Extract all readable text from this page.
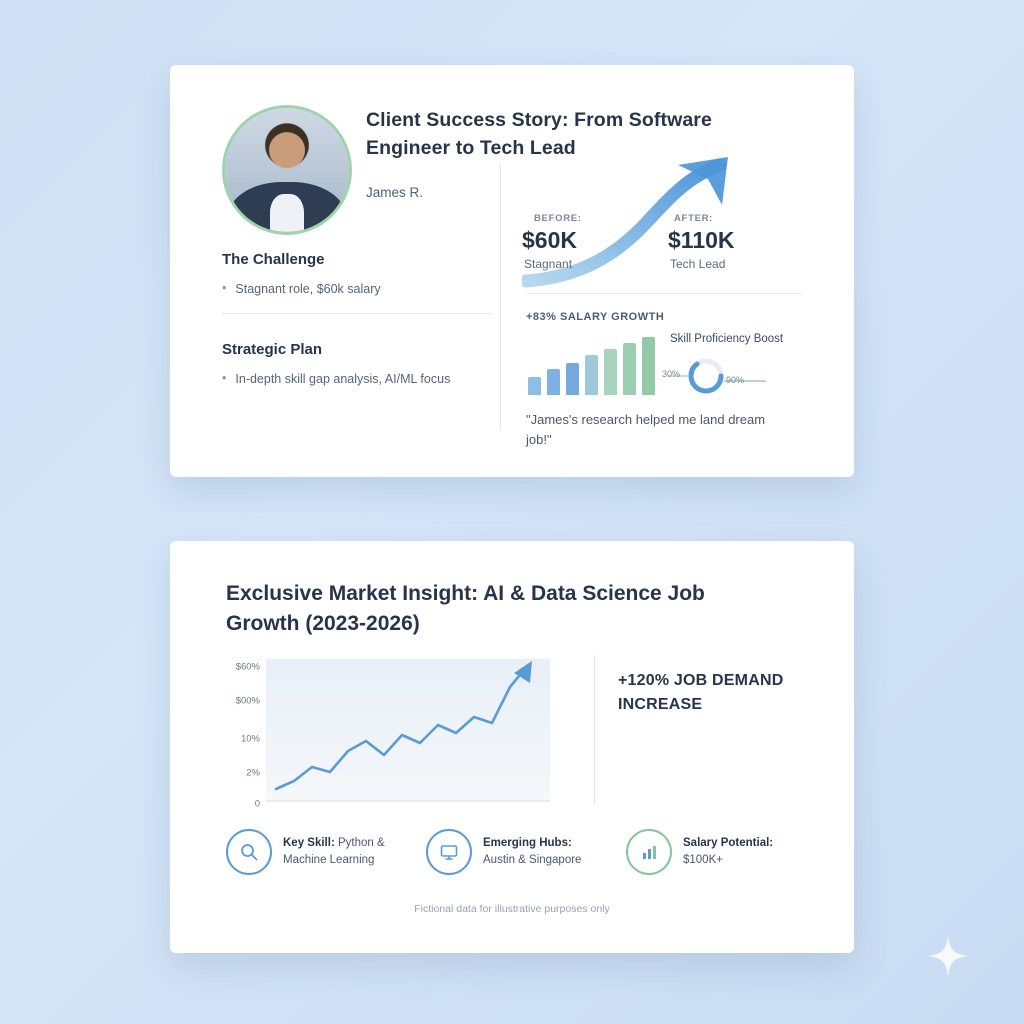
Client Success Story: From Software Engineer to Tech Lead
James R.
The Challenge
• Stagnant role, $60k salary
Strategic Plan
• In-depth skill gap analysis, AI/ML focus
BEFORE:
$60K
Stagnant
AFTER:
$110K
Tech Lead
+83% SALARY GROWTH
Skill Proficiency Boost
30%
90%
"James's research helped me land dream job!"
Exclusive Market Insight: AI & Data Science Job Growth (2023-2026)
$60%
$00%
10%
2%
0
+120% JOB DEMAND INCREASE
Key Skill: Python & Machine Learning
Emerging Hubs: Austin & Singapore
Salary Potential: $100K+
Fictional data for illustrative purposes only
